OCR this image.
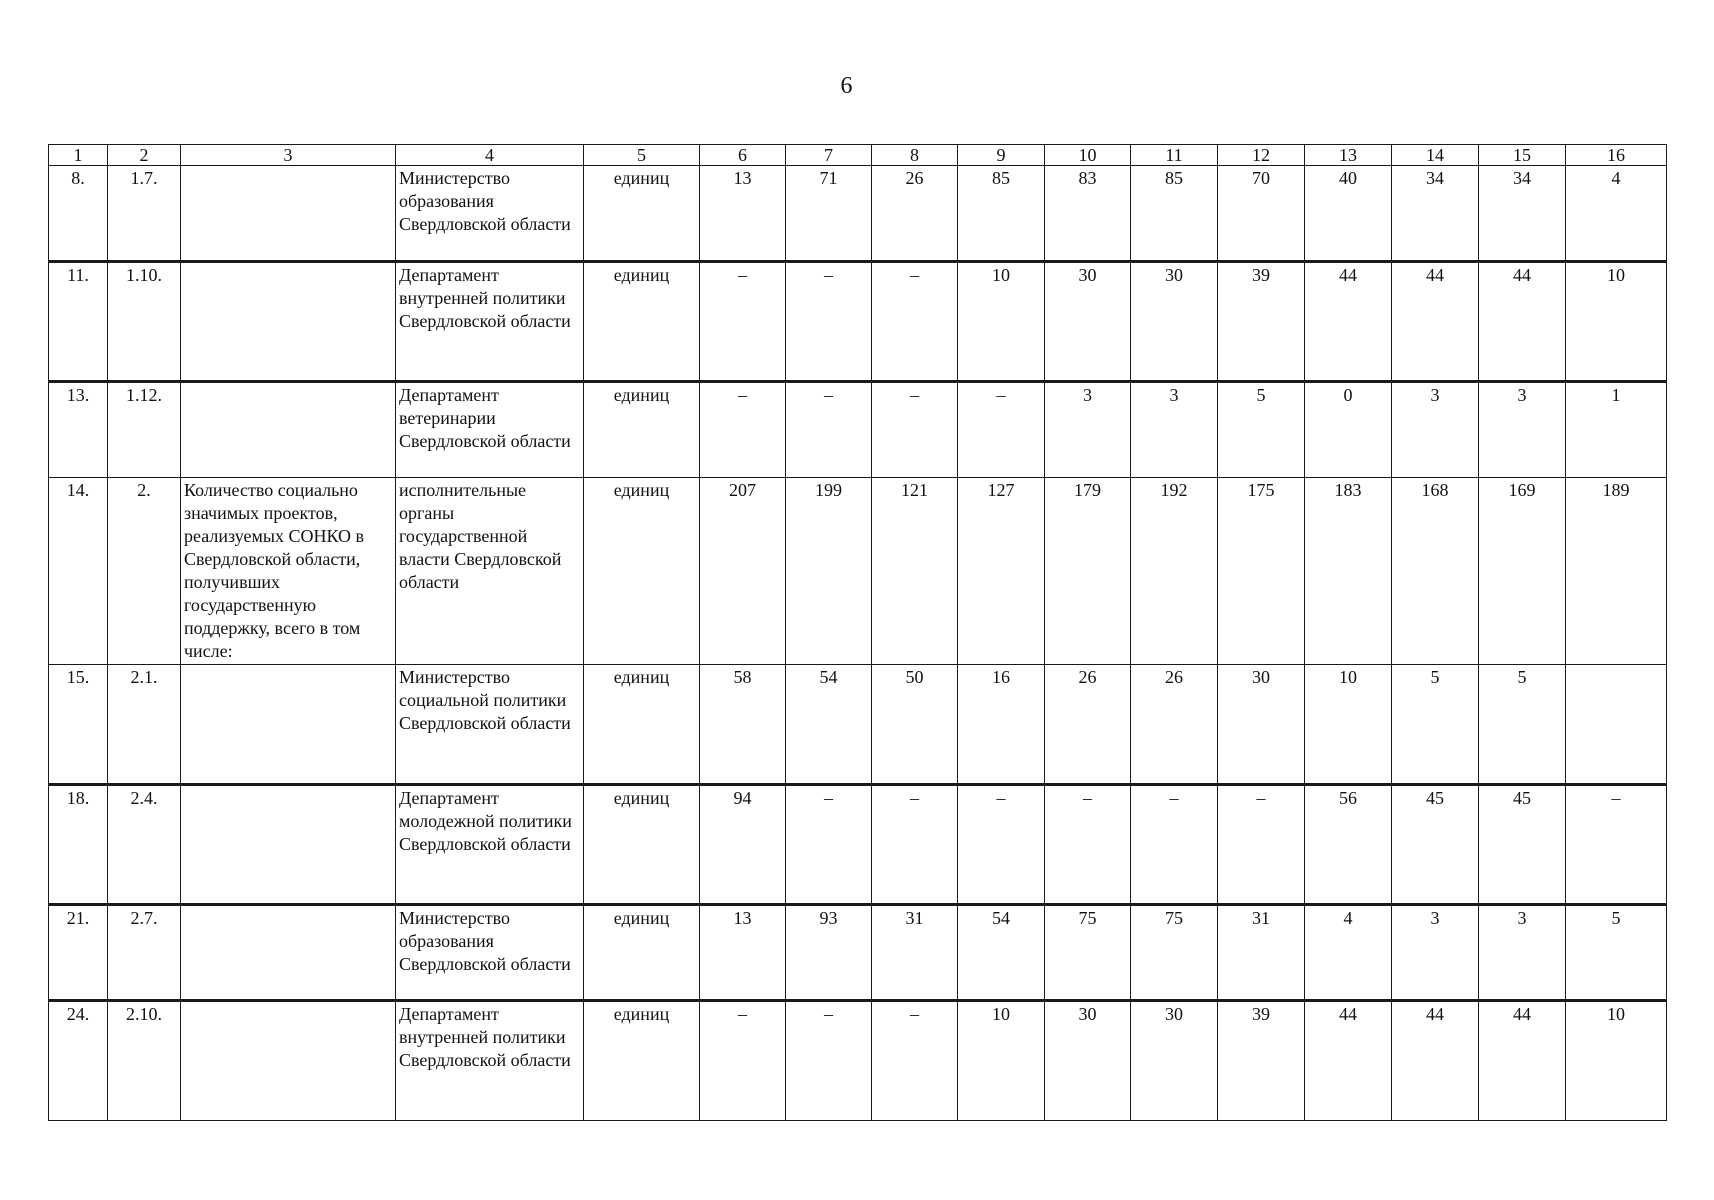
6
1	2	3	4	5	6	7	8	9	10	11	12	13	14	15	16
8.	1.7.		Министерство образования Свердловской области	единиц	13	71	26	85	83	85	70	40	34	34	4
11.	1.10.		Департамент внутренней политики Свердловской области	единиц	–	–	–	10	30	30	39	44	44	44	10
13.	1.12.		Департамент ветеринарии Свердловской области	единиц	–	–	–	–	3	3	5	0	3	3	1
14.	2.	Количество социально значимых проектов, реализуемых СОНКО в Свердловской области, получивших государственную поддержку, всего в том числе:	исполнительные органы государственной власти Свердловской области	единиц	207	199	121	127	179	192	175	183	168	169	189
15.	2.1.		Министерство социальной политики Свердловской области	единиц	58	54	50	16	26	26	30	10	5	5	
18.	2.4.		Департамент молодежной политики Свердловской области	единиц	94	–	–	–	–	–	–	56	45	45	–
21.	2.7.		Министерство образования Свердловской области	единиц	13	93	31	54	75	75	31	4	3	3	5
24.	2.10.		Департамент внутренней политики Свердловской области	единиц	–	–	–	10	30	30	39	44	44	44	10
